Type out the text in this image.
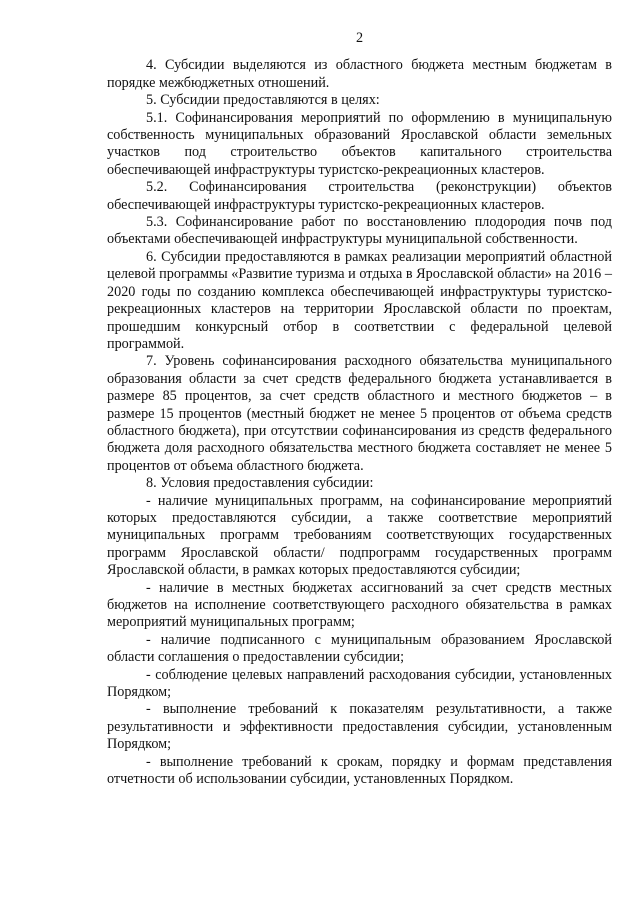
2

4. Субсидии выделяются из областного бюджета местным бюджетам в порядке межбюджетных отношений.

5. Субсидии предоставляются в целях:

5.1. Софинансирования мероприятий по оформлению в муниципальную собственность муниципальных образований Ярославской области земельных участков под строительство объектов капитального строительства обеспечивающей инфраструктуры туристско-рекреационных кластеров.

5.2. Софинансирования строительства (реконструкции) объектов обеспечивающей инфраструктуры туристско-рекреационных кластеров.

5.3. Софинансирование работ по восстановлению плодородия почв под объектами обеспечивающей инфраструктуры муниципальной собственности.

6. Субсидии предоставляются в рамках реализации мероприятий областной целевой программы «Развитие туризма и отдыха в Ярославской области» на 2016 – 2020 годы по созданию комплекса обеспечивающей инфраструктуры туристско-рекреационных кластеров на территории Ярославской области по проектам, прошедшим конкурсный отбор в соответствии с федеральной целевой программой.

7. Уровень софинансирования расходного обязательства муниципального образования области за счет средств федерального бюджета устанавливается в размере 85 процентов, за счет средств областного и местного бюджетов – в размере 15 процентов (местный бюджет не менее 5 процентов от объема средств областного бюджета), при отсутствии софинансирования из средств федерального бюджета доля расходного обязательства местного бюджета составляет не менее 5 процентов от объема областного бюджета.

8. Условия предоставления субсидии:

- наличие муниципальных программ, на софинансирование мероприятий которых предоставляются субсидии, а также соответствие мероприятий муниципальных программ требованиям соответствующих государственных программ Ярославской области/ подпрограмм государственных программ Ярославской области, в рамках которых предоставляются субсидии;

- наличие в местных бюджетах ассигнований за счет средств местных бюджетов на исполнение соответствующего расходного обязательства в рамках мероприятий муниципальных программ;

- наличие подписанного с муниципальным образованием Ярославской области соглашения о предоставлении субсидии;

- соблюдение целевых направлений расходования субсидии, установленных Порядком;

- выполнение требований к показателям результативности, а также результативности и эффективности предоставления субсидии, установленным Порядком;

- выполнение требований к срокам, порядку и формам представления отчетности об использовании субсидии, установленных Порядком.
